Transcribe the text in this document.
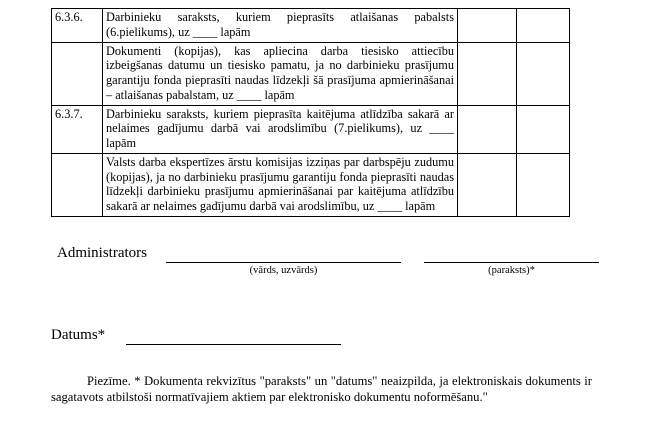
6.3.6.	Darbinieku saraksts, kuriem pieprasīts atlaišanas pabalsts (6.pielikums), uz ____ lapām		
	Dokumenti (kopijas), kas apliecina darba tiesisko attiecību izbeigšanas datumu un tiesisko pamatu, ja no darbinieku prasījumu garantiju fonda pieprasīti naudas līdzekļi šā prasījuma apmierināšanai – atlaišanas pabalstam, uz ____ lapām		
6.3.7.	Darbinieku saraksts, kuriem pieprasīta kaitējuma atlīdzība sakarā ar nelaimes gadījumu darbā vai arodslimību (7.pielikums), uz ____ lapām		
	Valsts darba ekspertīzes ārstu komisijas izziņas par darbspēju zudumu (kopijas), ja no darbinieku prasījumu garantiju fonda pieprasīti naudas līdzekļi darbinieku prasījumu apmierināšanai par kaitējuma atlīdzību sakarā ar nelaimes gadījumu darbā vai arodslimību, uz ____ lapām		
Administrators
(vārds, uzvārds)	(paraksts)*
Datums*
Piezīme. * Dokumenta rekvizītus "paraksts" un "datums" neaizpilda, ja elektroniskais dokuments ir sagatavots atbilstoši normatīvajiem aktiem par elektronisko dokumentu noformēšanu."
